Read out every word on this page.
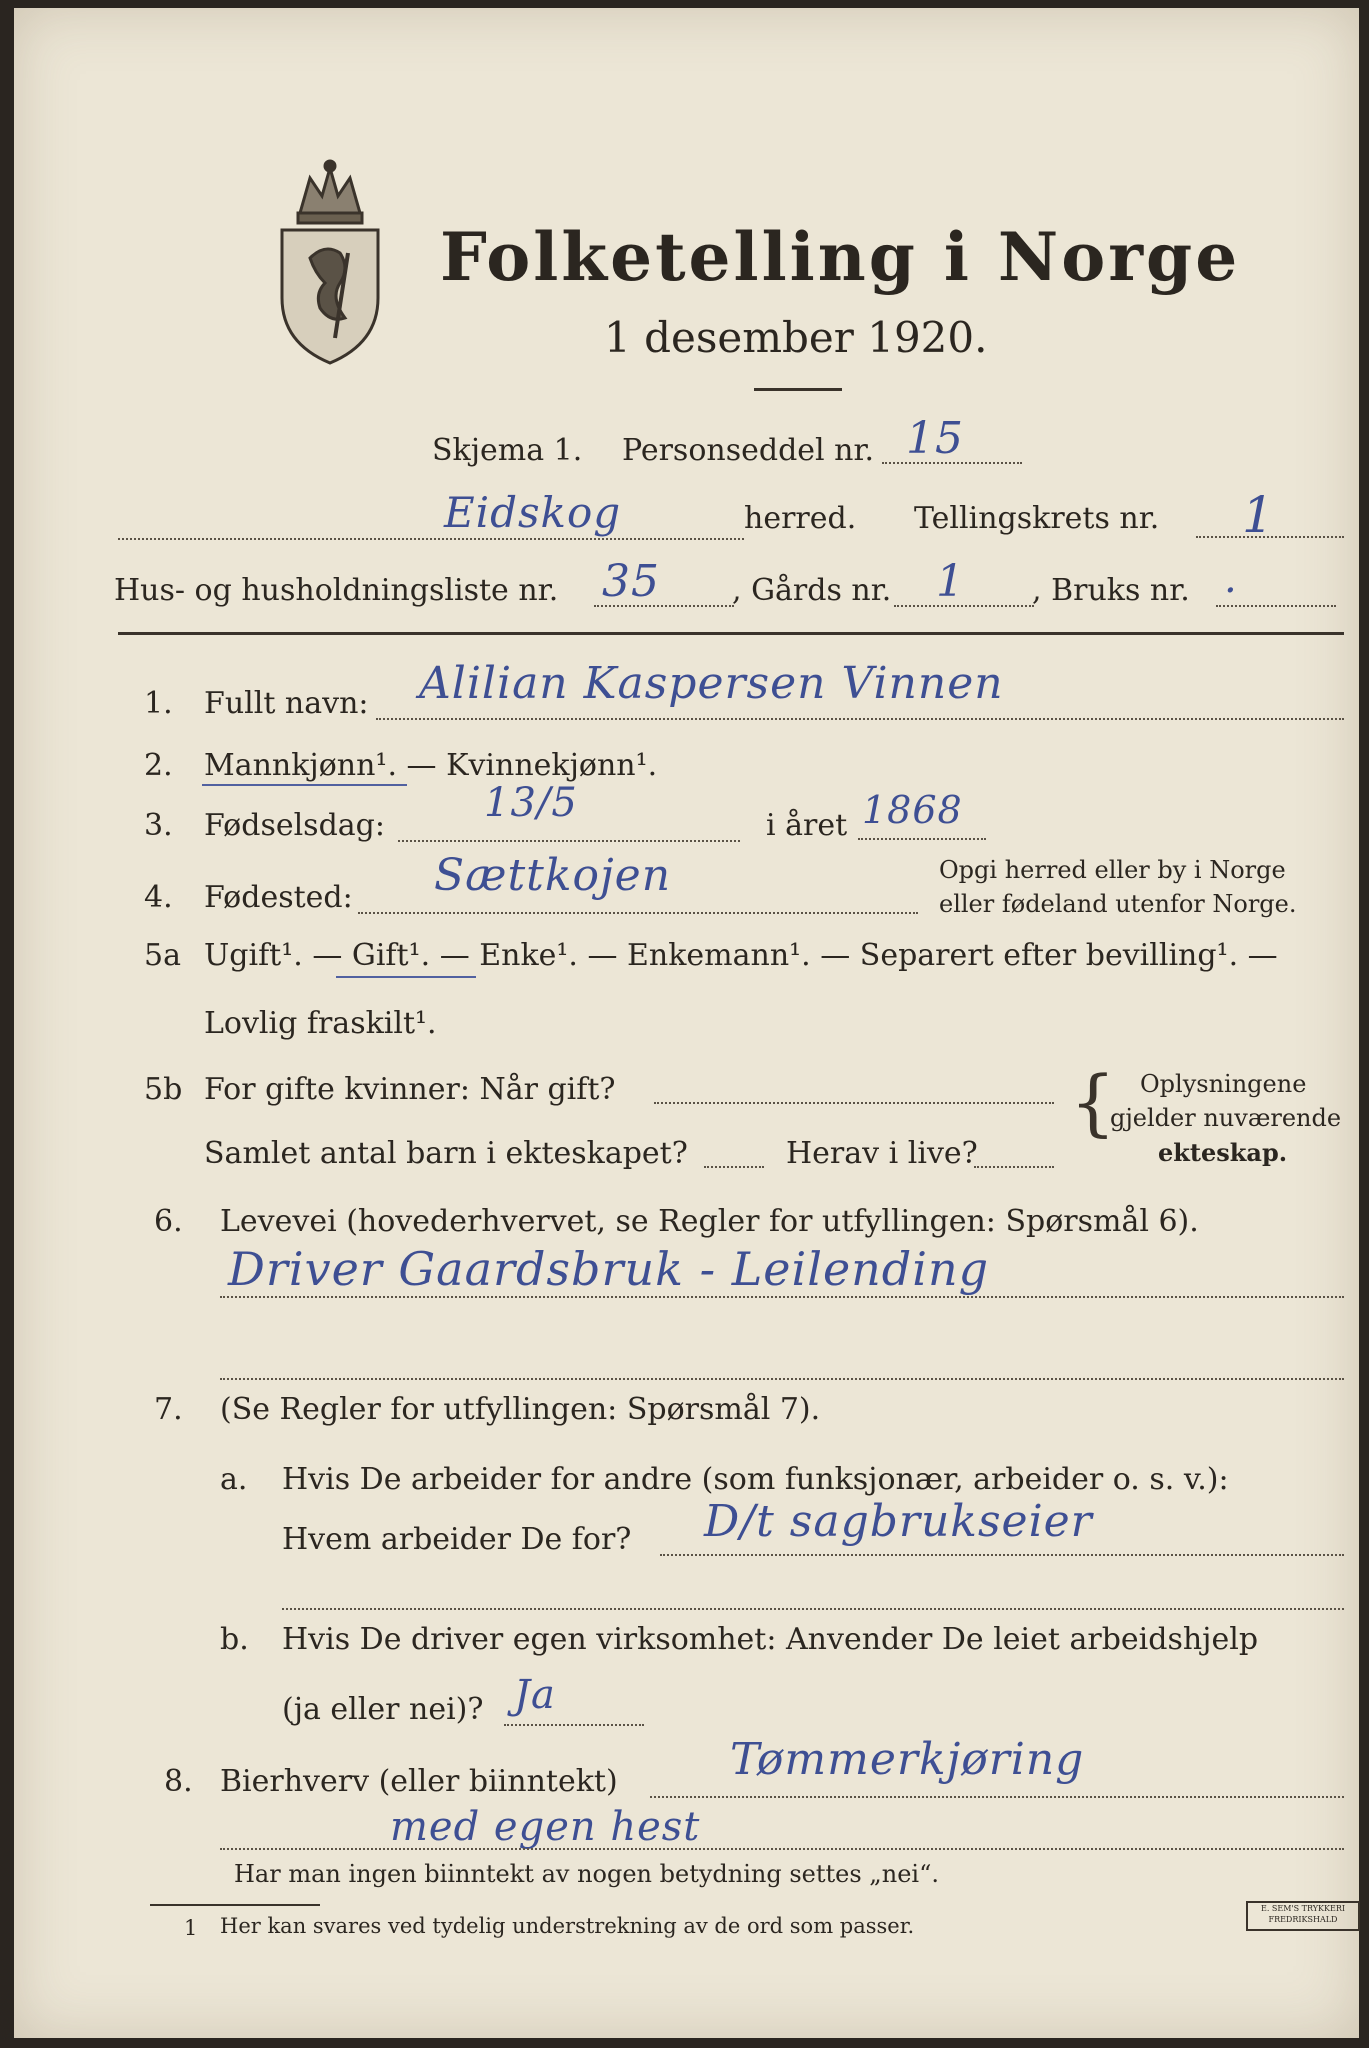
Folketelling i Norge
1 desember 1920.
Skjema 1. Personseddel nr. 15
Eidskog	herred. Tellingskrets nr. 1
Hus- og husholdningsliste nr. 35 , Gårds nr. 1 , Bruks nr. .
1. Fullt navn: Alilian Kaspersen Vinnen
2. Mannkjønn¹. — Kvinnekjønn¹.
3. Fødselsdag: 13/5	i året 1868
4. Fødested: Sættkojen	Opgi herred eller by i Norge
eller fødeland utenfor Norge.
5a Ugift¹. — Gift¹. — Enke¹. — Enkemann¹. — Separert efter bevilling¹. —
Lovlig fraskilt¹.
5b For gifte kvinner: Når gift?
Samlet antal barn i ekteskapet?	Herav i live?
{ Oplysningene
gjelder nuværende
ekteskap.
6. Levevei (hovederhvervet, se Regler for utfyllingen: Spørsmål 6).
Driver Gaardsbruk - Leilending
7. (Se Regler for utfyllingen: Spørsmål 7).
a. Hvis De arbeider for andre (som funksjonær, arbeider o. s. v.):
Hvem arbeider De for? D/t sagbrukseier
b. Hvis De driver egen virksomhet: Anvender De leiet arbeidshjelp
(ja eller nei)? Ja
8. Bierhverv (eller biinntekt)	Tømmerkjøring
med egen hest
Har man ingen biinntekt av nogen betydning settes „nei“.
1 Her kan svares ved tydelig understrekning av de ord som passer.
E. SEM'S TRYKKERI
FREDRIKSHALD
